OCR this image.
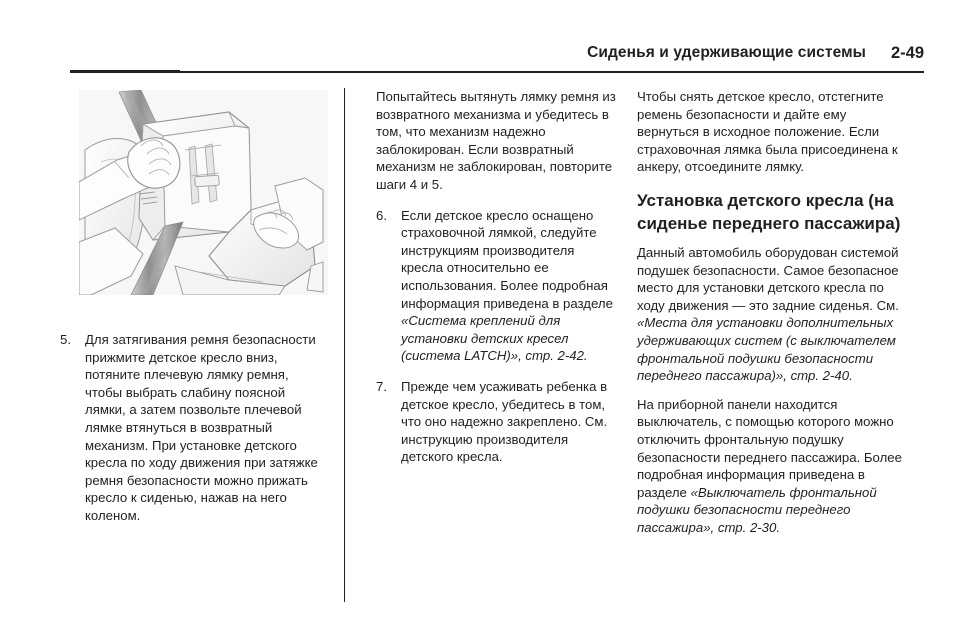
Сиденья и удерживающие системы 2-49
5.	Для затягивания ремня безопасности прижмите детское кресло вниз, потяните плечевую лямку ремня, чтобы выбрать слабину поясной лямки, а затем позвольте плечевой лямке втянуться в возвратный механизм. При установке детского кресла по ходу движения при затяжке ремня безопасности можно прижать кресло к сиденью, нажав на него коленом.

Попытайтесь вытянуть лямку ремня из возвратного механизма и убедитесь в том, что механизм надежно заблокирован. Если возвратный механизм не заблокирован, повторите шаги 4 и 5.

6.	Если детское кресло оснащено страховочной лямкой, следуйте инструкциям производителя кресла относительно ее использования. Более подробная информация приведена в разделе «Система креплений для установки детских кресел (система LATCH)», стр. 2-42.
7.	Прежде чем усаживать ребенка в детское кресло, убедитесь в том, что оно надежно закреплено. См. инструкцию производителя детского кресла.

Чтобы снять детское кресло, отстегните ремень безопасности и дайте ему вернуться в исходное положение. Если страховочная лямка была присоединена к анкеру, отсоедините лямку.

Установка детского кресла (на сиденье переднего пассажира)

Данный автомобиль оборудован системой подушек безопасности. Самое безопасное место для установки детского кресла по ходу движения — это задние сиденья. См. «Места для установки дополнительных удерживающих систем (с выключателем фронтальной подушки безопасности переднего пассажира)», стр. 2-40.

На приборной панели находится выключатель, с помощью которого можно отключить фронтальную подушку безопасности переднего пассажира. Более подробная информация приведена в разделе «Выключатель фронтальной подушки безопасности переднего пассажира», стр. 2-30.
